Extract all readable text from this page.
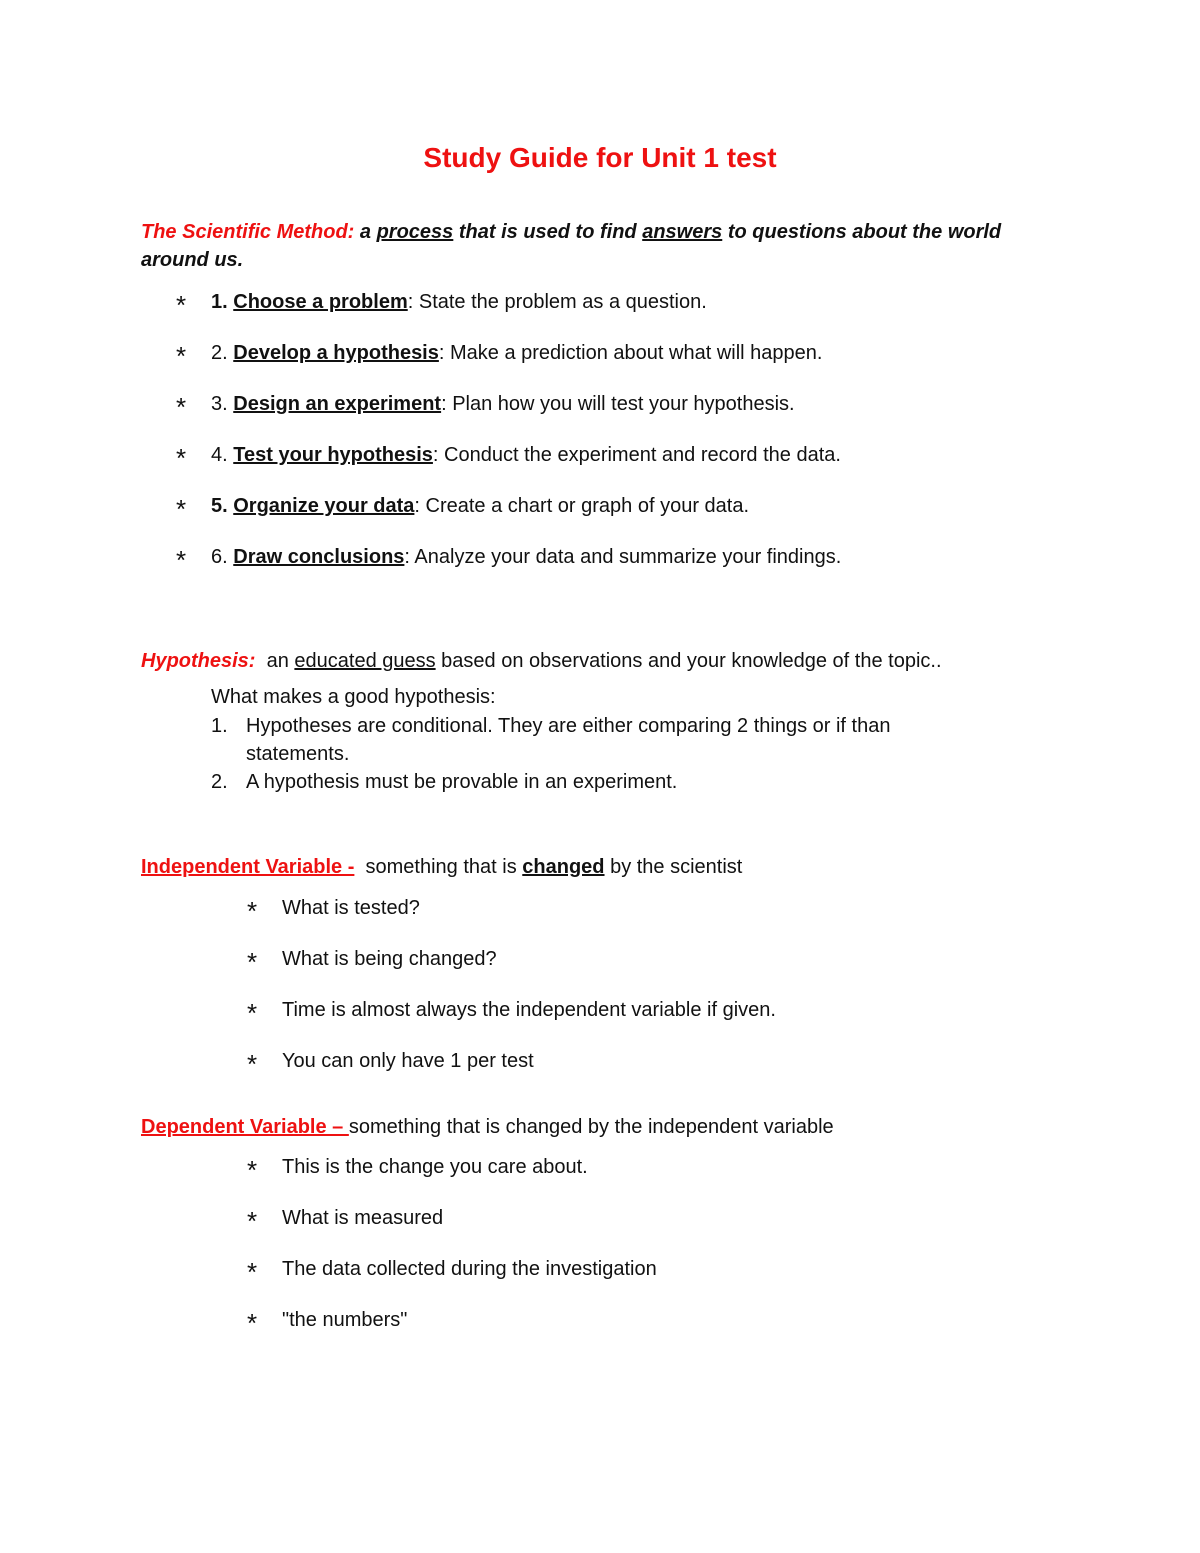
Study Guide for Unit 1 test
The Scientific Method: a process that is used to find answers to questions about the world around us.
* 1. Choose a problem: State the problem as a question.
* 2. Develop a hypothesis: Make a prediction about what will happen.
* 3. Design an experiment: Plan how you will test your hypothesis.
* 4. Test your hypothesis: Conduct the experiment and record the data.
* 5. Organize your data: Create a chart or graph of your data.
* 6. Draw conclusions: Analyze your data and summarize your findings.
Hypothesis:  an educated guess based on observations and your knowledge of the topic..
What makes a good hypothesis:
1. Hypotheses are conditional. They are either comparing 2 things or if than statements.
2. A hypothesis must be provable in an experiment.
Independent Variable -  something that is changed by the scientist
* What is tested?
* What is being changed?
* Time is almost always the independent variable if given.
* You can only have 1 per test
Dependent Variable – something that is changed by the independent variable
* This is the change you care about.
* What is measured
* The data collected during the investigation
* "the numbers"
